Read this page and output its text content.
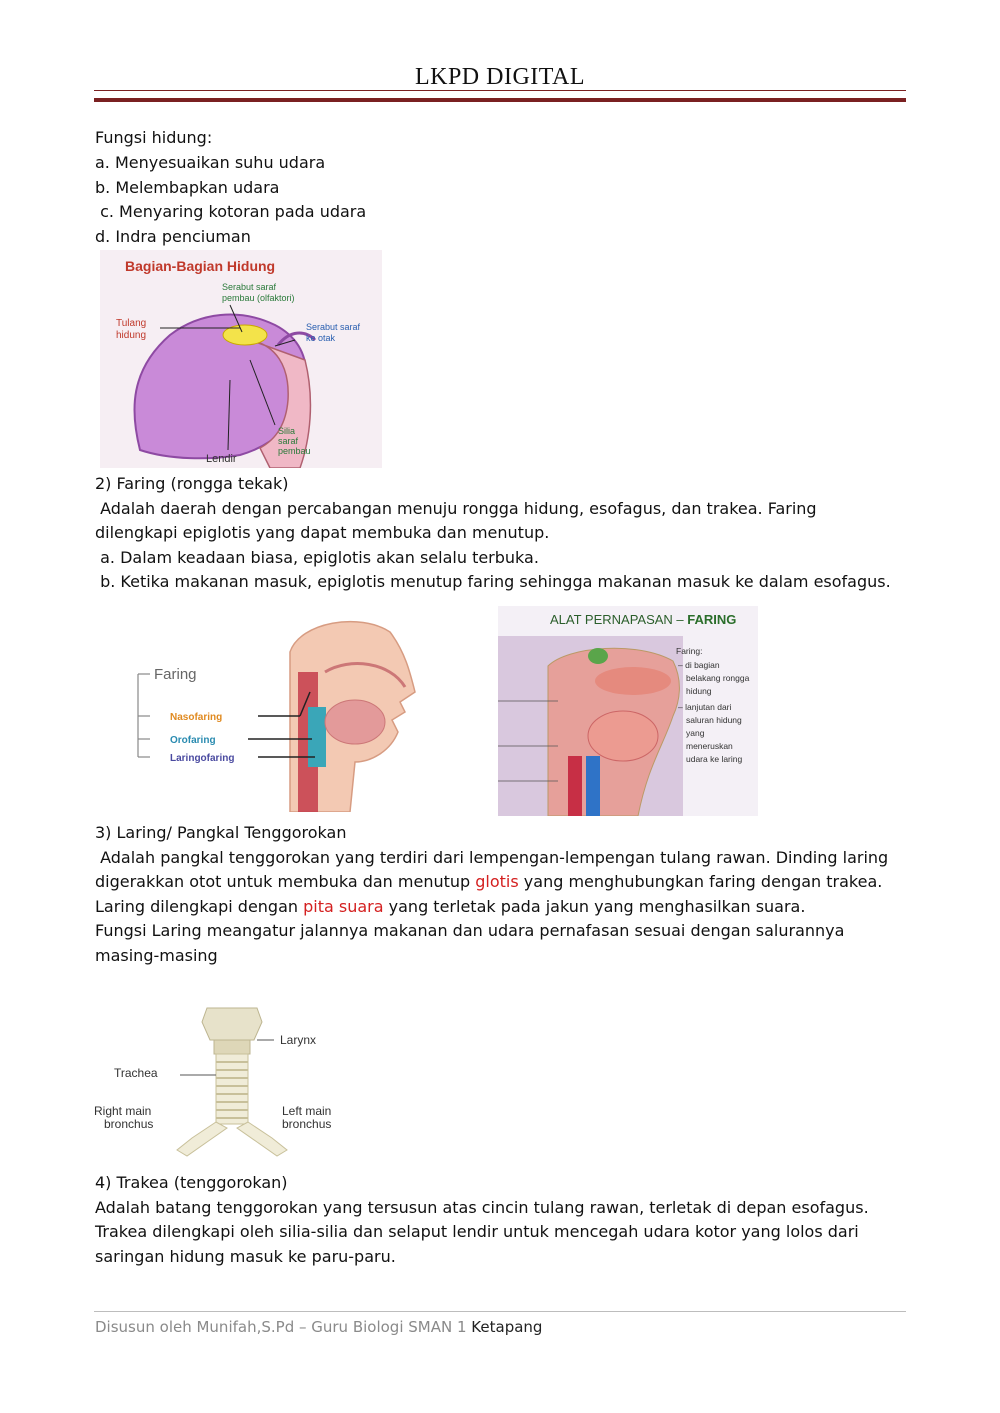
LKPD DIGITAL
Fungsi hidung:
a. Menyesuaikan suhu udara
b. Melembapkan udara
c. Menyaring kotoran pada udara
d. Indra penciuman
Bagian-Bagian Hidung
Serabut saraf
pembau (olfaktori)
Silia
saraf
pembau
Tulang
hidung
Serabut saraf
ke otak
Lendir
2) Faring (rongga tekak)
Adalah daerah dengan percabangan menuju rongga hidung, esofagus, dan trakea. Faring
dilengkapi epiglotis yang dapat membuka dan menutup.
a. Dalam keadaan biasa, epiglotis akan selalu terbuka.
b. Ketika makanan masuk, epiglotis menutup faring sehingga makanan masuk ke dalam esofagus.
Faring
Nasofaring
Orofaring
Laringofaring
ALAT PERNAPASAN – FARING
Faring:
– di bagian
belakang rongga
hidung
– lanjutan dari
saluran hidung
yang
meneruskan
udara ke laring
3) Laring/ Pangkal Tenggorokan
Adalah pangkal tenggorokan yang terdiri dari lempengan-lempengan tulang rawan. Dinding laring
digerakkan otot untuk membuka dan menutup glotis yang menghubungkan faring dengan trakea.
Laring dilengkapi dengan pita suara yang terletak pada jakun yang menghasilkan suara.
Fungsi Laring meangatur jalannya makanan dan udara pernafasan sesuai dengan salurannya
masing-masing
Larynx
Trachea
Right main
bronchus
Left main
bronchus
4) Trakea (tenggorokan)
Adalah batang tenggorokan yang tersusun atas cincin tulang rawan, terletak di depan esofagus.
Trakea dilengkapi oleh silia-silia dan selaput lendir untuk mencegah udara kotor yang lolos dari
saringan hidung masuk ke paru-paru.
Disusun oleh Munifah,S.Pd – Guru Biologi SMAN 1 Ketapang
